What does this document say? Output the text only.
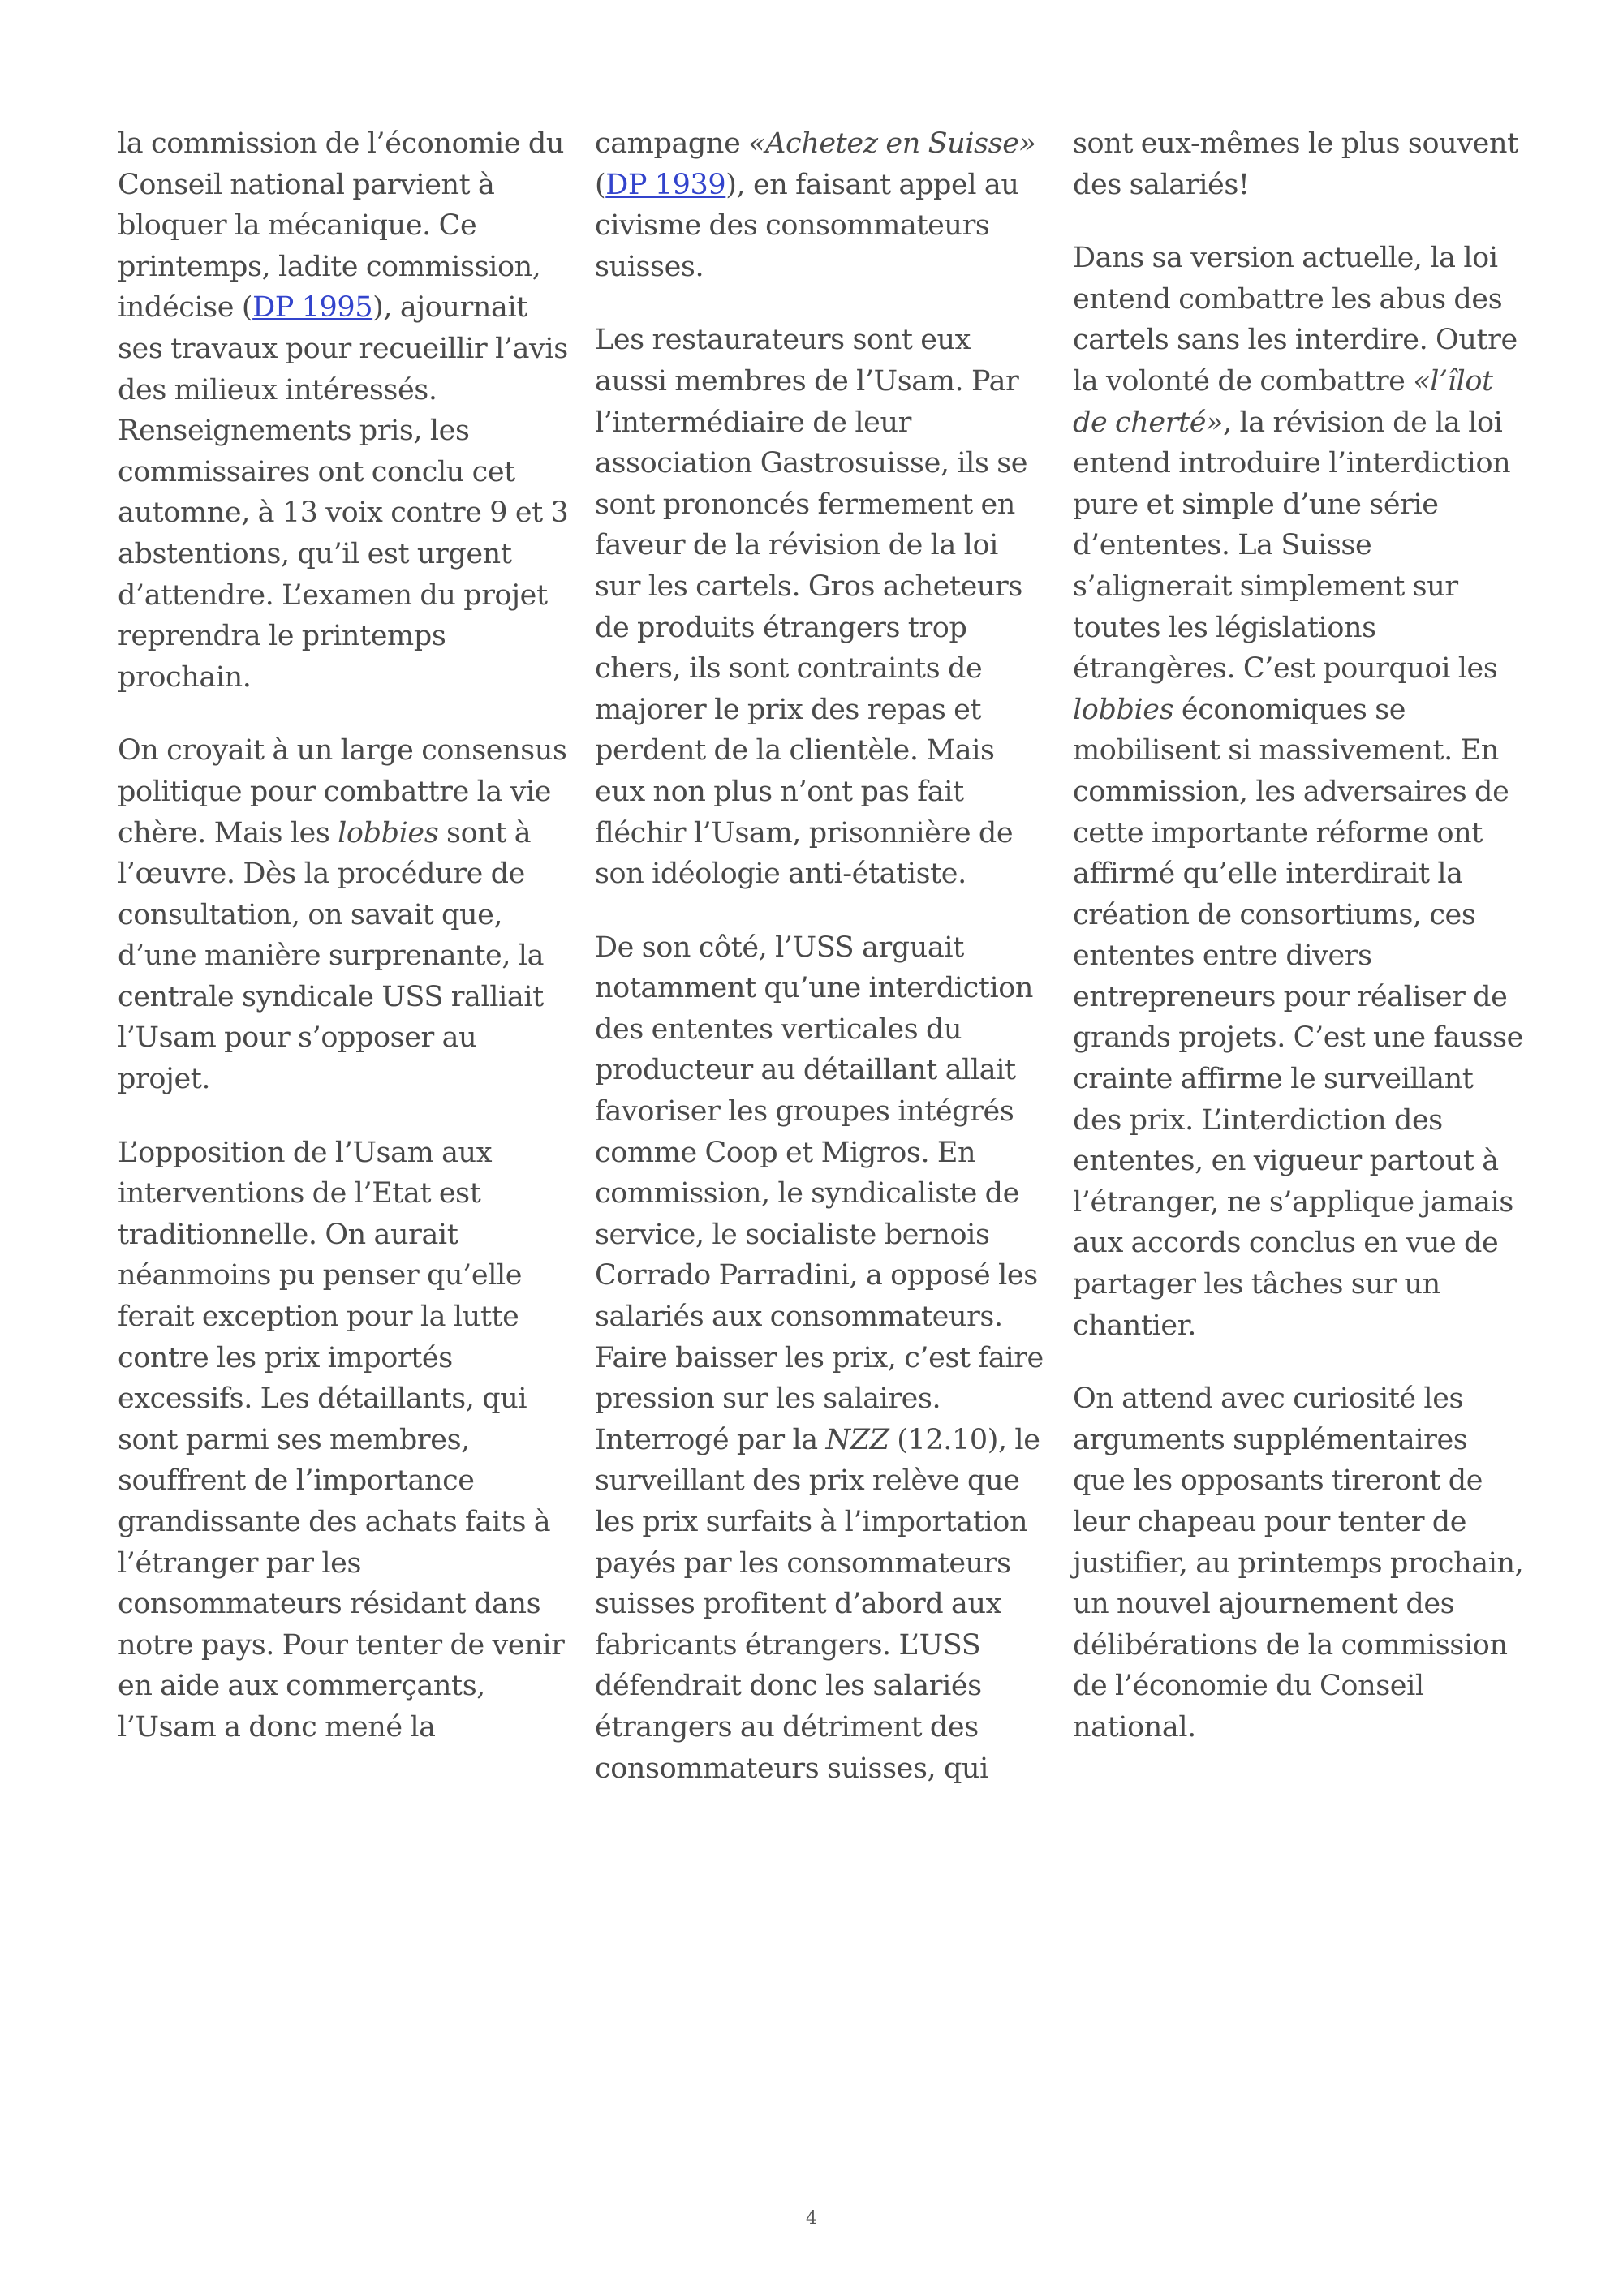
la commission de l’économie du Conseil national parvient à bloquer la mécanique. Ce printemps, ladite commission, indécise (DP 1995), ajournait ses travaux pour recueillir l’avis des milieux intéressés. Renseignements pris, les commissaires ont conclu cet automne, à 13 voix contre 9 et 3 abstentions, qu’il est urgent d’attendre. L’examen du projet reprendra le printemps prochain.

On croyait à un large consensus politique pour combattre la vie chère. Mais les lobbies sont à l’œuvre. Dès la procédure de consultation, on savait que, d’une manière surprenante, la centrale syndicale USS ralliait l’Usam pour s’opposer au projet.

L’opposition de l’Usam aux interventions de l’Etat est traditionnelle. On aurait néanmoins pu penser qu’elle ferait exception pour la lutte contre les prix importés excessifs. Les détaillants, qui sont parmi ses membres, souffrent de l’importance grandissante des achats faits à l’étranger par les consommateurs résidant dans notre pays. Pour tenter de venir en aide aux commerçants, l’Usam a donc mené la

campagne «Achetez en Suisse» (DP 1939), en faisant appel au civisme des consommateurs suisses.

Les restaurateurs sont eux aussi membres de l’Usam. Par l’intermédiaire de leur association Gastrosuisse, ils se sont prononcés fermement en faveur de la révision de la loi sur les cartels. Gros acheteurs de produits étrangers trop chers, ils sont contraints de majorer le prix des repas et perdent de la clientèle. Mais eux non plus n’ont pas fait fléchir l’Usam, prisonnière de son idéologie anti-étatiste.

De son côté, l’USS arguait notamment qu’une interdiction des ententes verticales du producteur au détaillant allait favoriser les groupes intégrés comme Coop et Migros. En commission, le syndicaliste de service, le socialiste bernois Corrado Parradini, a opposé les salariés aux consommateurs. Faire baisser les prix, c’est faire pression sur les salaires. Interrogé par la NZZ (12.10), le surveillant des prix relève que les prix surfaits à l’importation payés par les consommateurs suisses profitent d’abord aux fabricants étrangers. L’USS défendrait donc les salariés étrangers au détriment des consommateurs suisses, qui

sont eux-mêmes le plus souvent des salariés!

Dans sa version actuelle, la loi entend combattre les abus des cartels sans les interdire. Outre la volonté de combattre «l’îlot de cherté», la révision de la loi entend introduire l’interdiction pure et simple d’une série d’ententes. La Suisse s’alignerait simplement sur toutes les législations étrangères. C’est pourquoi les lobbies économiques se mobilisent si massivement. En commission, les adversaires de cette importante réforme ont affirmé qu’elle interdirait la création de consortiums, ces ententes entre divers entrepreneurs pour réaliser de grands projets. C’est une fausse crainte affirme le surveillant des prix. L’interdiction des ententes, en vigueur partout à l’étranger, ne s’applique jamais aux accords conclus en vue de partager les tâches sur un chantier.

On attend avec curiosité les arguments supplémentaires que les opposants tireront de leur chapeau pour tenter de justifier, au printemps prochain, un nouvel ajournement des délibérations de la commission de l’économie du Conseil national.

4
